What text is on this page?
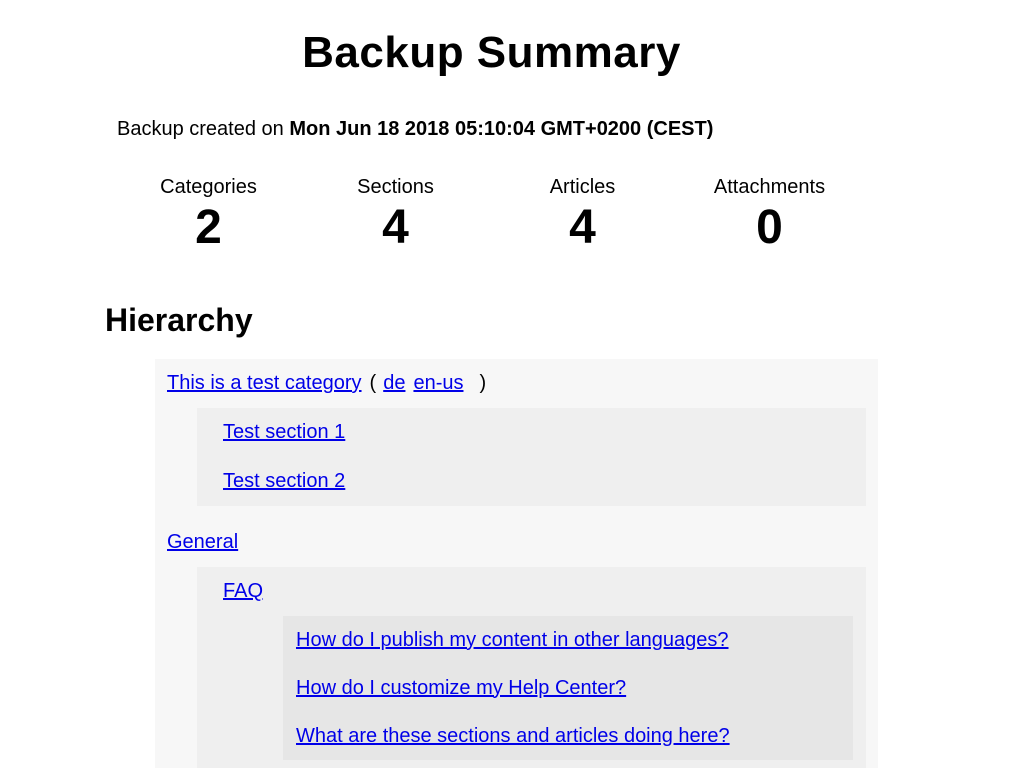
Backup Summary

Backup created on Mon Jun 18 2018 05:10:04 GMT+0200 (CEST)

Categories
2
Sections
4
Articles
4
Attachments
0
Hierarchy
This is a test category ( de en-us )
Test section 1
Test section 2
General
FAQ
How do I publish my content in other languages?
How do I customize my Help Center?
What are these sections and articles doing here?
